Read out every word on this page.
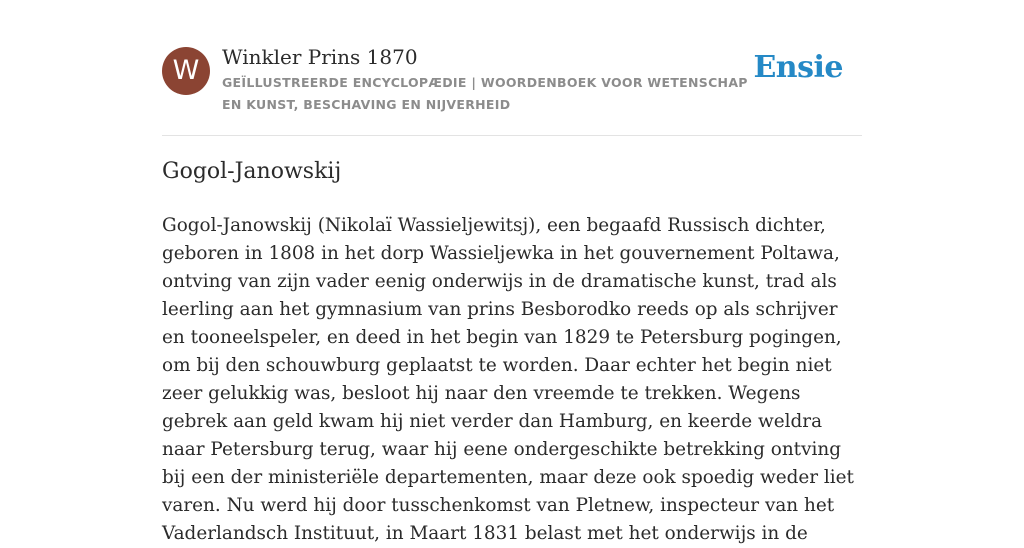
W	Winkler Prins 1870
GEÏLLUSTREERDE ENCYCLOPÆDIE | WOORDENBOEK VOOR WETENSCHAP EN KUNST, BESCHAVING EN NIJVERHEID
Ensie
Gogol-Janowskij

Gogol-Janowskij (Nikolaï Wassieljewitsj), een begaafd Russisch dichter, geboren in 1808 in het dorp Wassieljewka in het gouvernement Poltawa, ontving van zijn vader eenig onderwijs in de dramatische kunst, trad als leerling aan het gymnasium van prins Besborodko reeds op als schrijver en tooneelspeler, en deed in het begin van 1829 te Petersburg pogingen, om bij den schouwburg geplaatst te worden. Daar echter het begin niet zeer gelukkig was, besloot hij naar den vreemde te trekken. Wegens gebrek aan geld kwam hij niet verder dan Hamburg, en keerde weldra naar Petersburg terug, waar hij eene ondergeschikte betrekking ontving bij een der ministeriële departementen, maar deze ook spoedig weder liet varen. Nu werd hij door tusschenkomst van Pletnew, inspecteur van het Vaderlandsch Instituut, in Maart 1831 belast met het onderwijs in de
